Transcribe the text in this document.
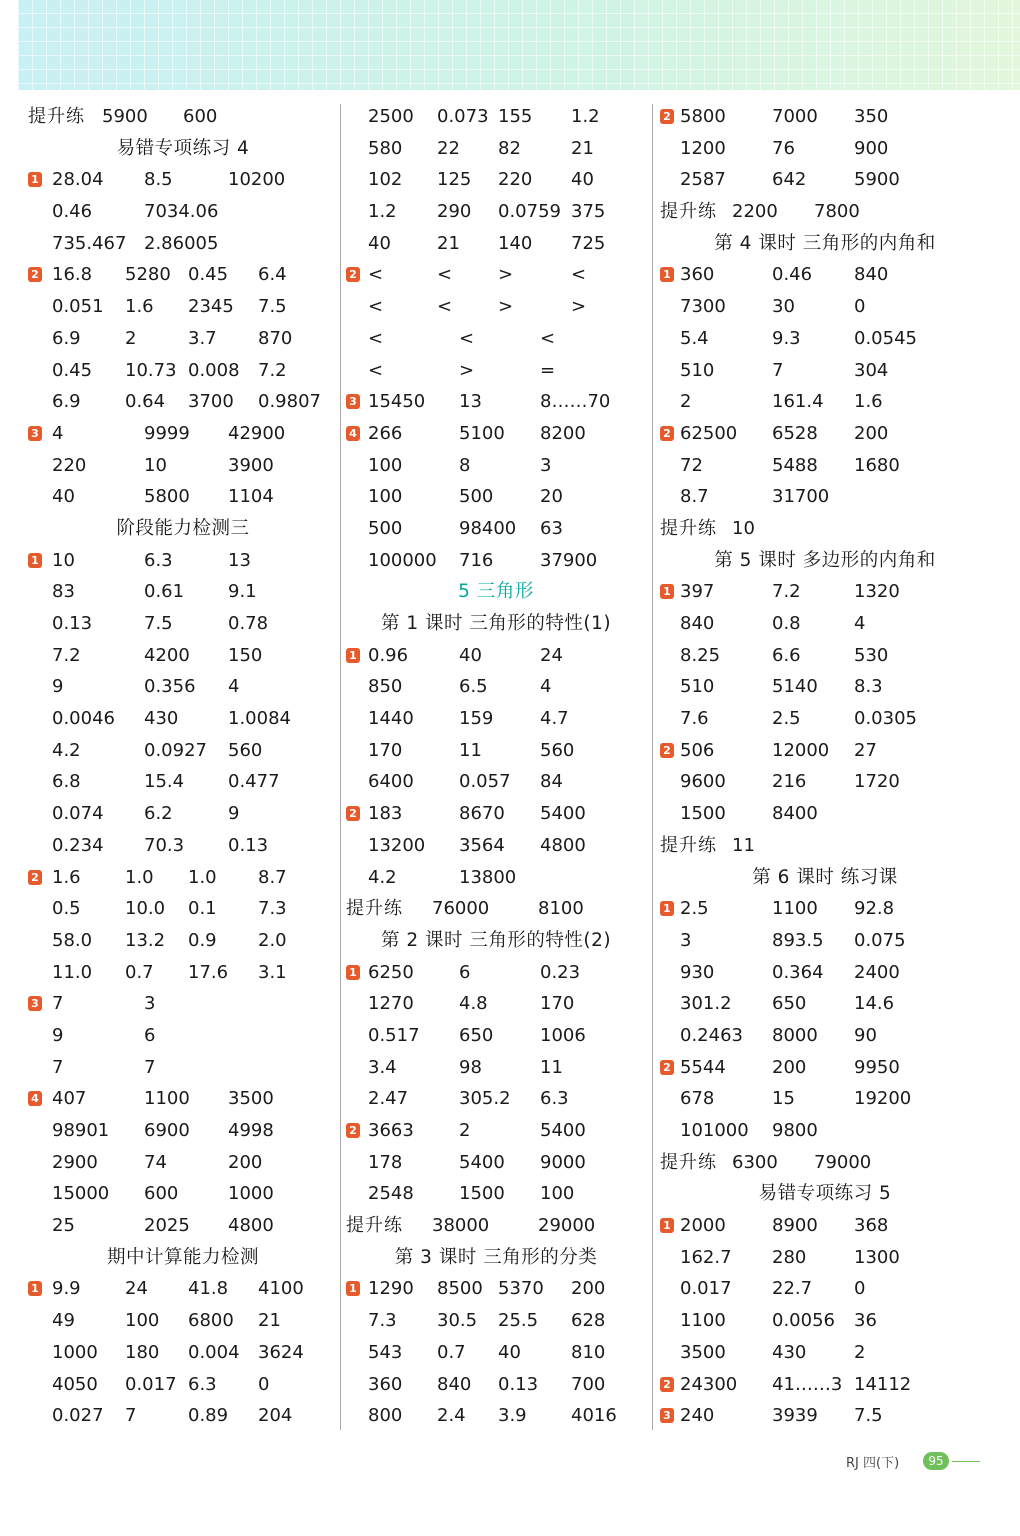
提升练 5900 600
易错专项练习 4
1 28.04 8.5	10200
0.46	7034.06
735.467 2.86005
2 16.8 5280 0.45 6.4
0.051 1.6 2345 7.5
6.9 2	3.7 870
0.45 10.73 0.008 7.2
6.9 0.64 3700 0.9807
3 4	9999 42900
220	10	3900
40	5800 1104
阶段能力检测三
1 10	6.3	13
83	0.61 9.1
0.13	7.5	0.78
7.2	4200 150
9	0.356 4
0.0046 430	1.0084
4.2	0.0927 560
6.8	15.4 0.477
0.074 6.2	9
0.234 70.3 0.13
2 1.6 1.0 1.0 8.7
0.5 10.0 0.1 7.3
58.0 13.2 0.9 2.0
11.0 0.7 17.6 3.1
3 7	3
9	6
7	7
4 407	1100 3500
98901 6900 4998
2900	74	200
15000 600	1000
25	2025 4800
期中计算能力检测
1 9.9 24 41.8 4100
49	100 6800 21
1000 180 0.004 3624
4050 0.017 6.3 0
0.027 7	0.89 204
2500 0.073 155 1.2
580 22 82	21
102 125 220 40
1.2 290 0.0759 375
40	21 140 725
2 <	<	>	<
<	<	>	>
<	<	<
<	>	=
3 15450 13	8……70
4 266	5100 8200
100	8	3
100	500	20
500	98400 63
100000 716	37900
5 三角形
第 1 课时 三角形的特性(1)
1 0.96	40	24
850	6.5	4
1440	159	4.7
170	11	560
6400	0.057 84
2 183	8670 5400
13200 3564 4800
4.2	13800
提升练 76000	8100
第 2 课时 三角形的特性(2)
1 6250	6	0.23
1270	4.8	170
0.517 650	1006
3.4	98	11
2.47	305.2 6.3
2 3663	2	5400
178	5400 9000
2548	1500 100
提升练 38000	29000
第 3 课时 三角形的分类
1 1290 8500 5370 200
7.3 30.5 25.5 628
543 0.7 40	810
360 840 0.13 700
800 2.4 3.9 4016
2 5800	7000 350
1200	76	900
2587	642	5900
提升练 2200 7800
第 4 课时 三角形的内角和
1 360	0.46 840
7300	30	0
5.4	9.3	0.0545
510	7	304
2	161.4 1.6
2 62500 6528 200
72	5488 1680
8.7	31700
提升练 10
第 5 课时 多边形的内角和
1 397	7.2	1320
840	0.8	4
8.25	6.6	530
510	5140 8.3
7.6	2.5	0.0305
2 506	12000 27
9600	216	1720
1500	8400
提升练 11
第 6 课时 练习课
1 2.5	1100 92.8
3	893.5 0.075
930	0.364 2400
301.2 650	14.6
0.2463 8000 90
2 5544	200	9950
678	15	19200
101000 9800
提升练 6300 79000
易错专项练习 5
1 2000	8900 368
162.7 280	1300
0.017 22.7 0
1100	0.0056 36
3500	430	2
2 24300 41……3 14112
3 240	3939 7.5
RJ 四(下)	95
